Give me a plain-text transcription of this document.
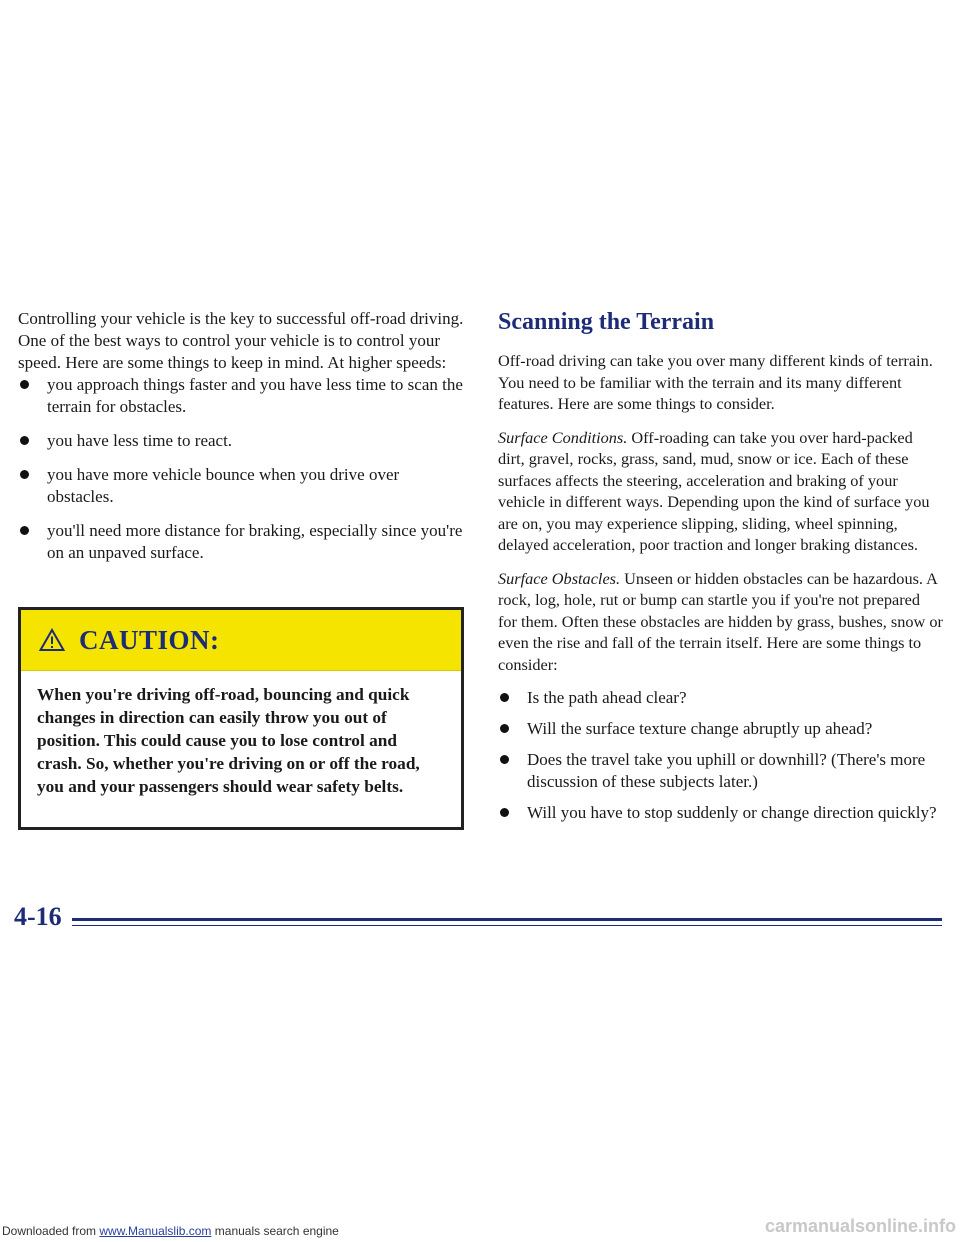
Controlling your vehicle is the key to successful off-road driving. One of the best ways to control your vehicle is to control your speed. Here are some things to keep in mind. At higher speeds:

you approach things faster and you have less time to scan the terrain for obstacles.
you have less time to react.
you have more vehicle bounce when you drive over obstacles.
you'll need more distance for braking, especially since you're on an unpaved surface.
CAUTION:

When you're driving off-road, bouncing and quick changes in direction can easily throw you out of position. This could cause you to lose control and crash. So, whether you're driving on or off the road, you and your passengers should wear safety belts.

Scanning the Terrain

Off-road driving can take you over many different kinds of terrain. You need to be familiar with the terrain and its many different features. Here are some things to consider.

Surface Conditions. Off-roading can take you over hard-packed dirt, gravel, rocks, grass, sand, mud, snow or ice. Each of these surfaces affects the steering, acceleration and braking of your vehicle in different ways. Depending upon the kind of surface you are on, you may experience slipping, sliding, wheel spinning, delayed acceleration, poor traction and longer braking distances.

Surface Obstacles. Unseen or hidden obstacles can be hazardous. A rock, log, hole, rut or bump can startle you if you're not prepared for them. Often these obstacles are hidden by grass, bushes, snow or even the rise and fall of the terrain itself. Here are some things to consider:

Is the path ahead clear?
Will the surface texture change abruptly up ahead?
Does the travel take you uphill or downhill? (There's more discussion of these subjects later.)
Will you have to stop suddenly or change direction quickly?
4-16
Downloaded from www.Manualslib.com manuals search engine	carmanualsonline.info
